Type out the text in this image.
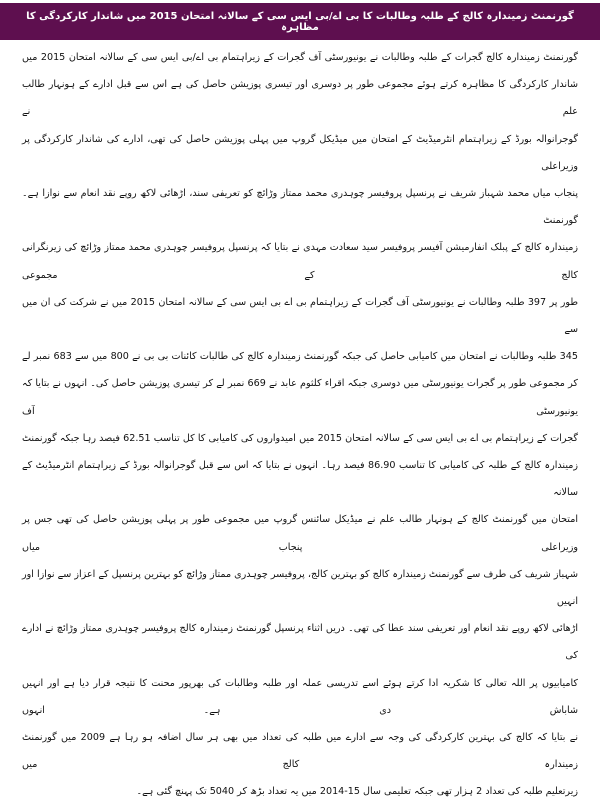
گورنمنٹ زمیندارہ کالج کے طلبہ وطالبات کا بی اے/بی ایس سی کے سالانہ امتحان 2015 میں شاندار کارکردگی کا مظاہرہ
گورنمنٹ زمیندارہ کالج گجرات کے طلبہ وطالبات نے یونیورسٹی آف گجرات کے زیراہتمام بی اے/بی ایس سی کے سالانہ امتحان 2015 میں
شاندار کارکردگی کا مظاہرہ کرتے ہوئے مجموعی طور پر دوسری اور تیسری پوزیشن حاصل کی ہے اس سے قبل ادارے کے ہونہار طالب علم نے
گوجرانوالہ بورڈ کے زیراہتمام انٹرمیڈیٹ کے امتحان میں میڈیکل گروپ میں پہلی پوزیشن حاصل کی تھی، ادارے کی شاندار کارکردگی پر وزیراعلی
پنجاب میاں محمد شہباز شریف نے پرنسپل پروفیسر چوہدری محمد ممتاز وڑائچ کو تعریفی سند، اڑھائی لاکھ روپے نقد انعام سے نوازا ہے۔ گورنمنٹ
زمیندارہ کالج کے پبلک انفارمیشن آفیسر پروفیسر سید سعادت مہدی نے بتایا کہ پرنسپل پروفیسر چوہدری محمد ممتاز وڑائچ کی زیرنگرانی کالج کے مجموعی
طور پر 397 طلبہ وطالبات نے یونیورسٹی آف گجرات کے زیراہتمام بی اے بی ایس سی کے سالانہ امتحان 2015 میں نے شرکت کی ان میں سے
345 طلبہ وطالبات نے امتحان میں کامیابی حاصل کی جبکہ گورنمنٹ زمیندارہ کالج کی طالبات کائنات بی بی نے 800 میں سے 683 نمبر لے
کر مجموعی طور پر گجرات یونیورسٹی میں دوسری جبکہ اقراء کلثوم عابد نے 669 نمبر لے کر تیسری پوزیشن حاصل کی۔ انہوں نے بتایا کہ یونیورسٹی آف
گجرات کے زیراہتمام بی اے بی ایس سی کے سالانہ امتحان 2015 میں امیدواروں کی کامیابی کا کل تناسب 62.51 فیصد رہا جبکہ گورنمنٹ
زمیندارہ کالج کے طلبہ کی کامیابی کا تناسب 86.90 فیصد رہا۔ انہوں نے بتایا کہ اس سے قبل گوجرانوالہ بورڈ کے زیراہتمام انٹرمیڈیٹ کے سالانہ
امتحان میں گورنمنٹ کالج کے ہونہار طالب علم نے میڈیکل سائنس گروپ میں مجموعی طور پر پہلی پوزیشن حاصل کی تھی جس پر وزیراعلی پنجاب میاں
شہباز شریف کی طرف سے گورنمنٹ زمیندارہ کالج کو بہترین کالج، پروفیسر چوہدری ممتاز وڑائچ کو بہترین پرنسپل کے اعزاز سے نوازا اور انہیں
اڑھائی لاکھ روپے نقد انعام اور تعریفی سند عطا کی تھی۔ دریں اثناء پرنسپل گورنمنٹ زمیندارہ کالج پروفیسر چوہدری ممتاز وڑائچ نے ادارے کی
کامیابیوں پر اللہ تعالی کا شکریہ ادا کرتے ہوئے اسے تدریسی عملہ اور طلبہ وطالبات کی بھرپور محنت کا نتیجہ قرار دیا ہے اور انہیں شاباش دی ہے۔ انہوں
نے بتایا کہ کالج کی بہترین کارکردگی کی وجہ سے ادارے میں طلبہ کی تعداد میں بھی ہر سال اضافہ ہو رہا ہے 2009 میں گورنمنٹ زمیندارہ کالج میں
زیرتعلیم طلبہ کی تعداد 2 ہزار تھی جبکہ تعلیمی سال 15-2014 میں یہ تعداد بڑھ کر 5040 تک پہنچ گئی ہے۔
